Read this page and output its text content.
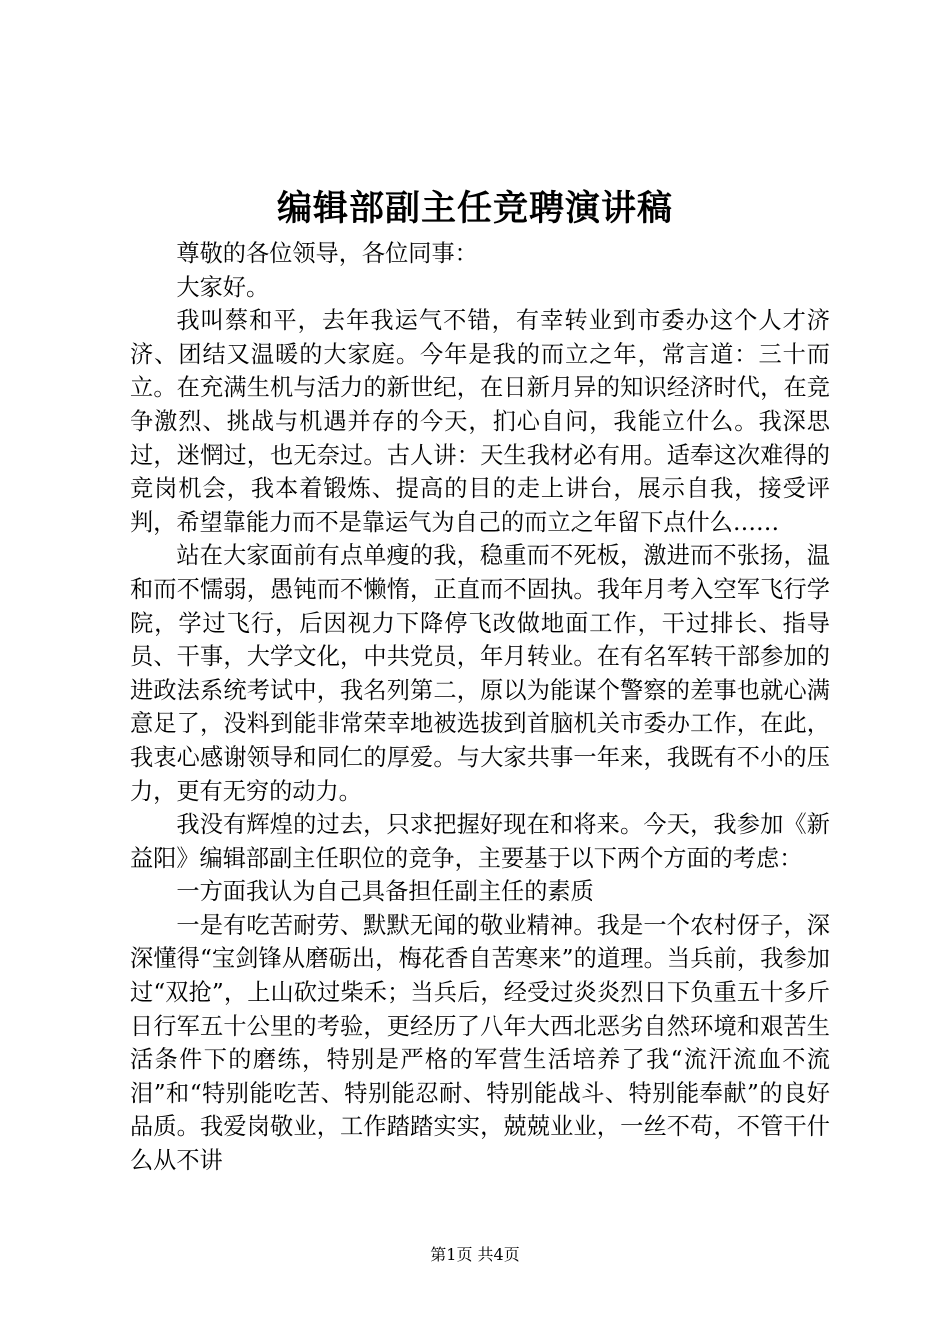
编辑部副主任竞聘演讲稿

尊敬的各位领导，各位同事：

大家好。

我叫蔡和平，去年我运气不错，有幸转业到市委办这个人才济济、团结又温暖的大家庭。今年是我的而立之年，常言道：三十而立。在充满生机与活力的新世纪，在日新月异的知识经济时代，在竞争激烈、挑战与机遇并存的今天，扪心自问，我能立什么。我深思过，迷惘过，也无奈过。古人讲：天生我材必有用。适奉这次难得的竞岗机会，我本着锻炼、提高的目的走上讲台，展示自我，接受评判，希望靠能力而不是靠运气为自己的而立之年留下点什么……

站在大家面前有点单瘦的我，稳重而不死板，激进而不张扬，温和而不懦弱，愚钝而不懒惰，正直而不固执。我年月考入空军飞行学院，学过飞行，后因视力下降停飞改做地面工作，干过排长、指导员、干事，大学文化，中共党员，年月转业。在有名军转干部参加的进政法系统考试中，我名列第二，原以为能谋个警察的差事也就心满意足了，没料到能非常荣幸地被选拔到首脑机关市委办工作，在此，我衷心感谢领导和同仁的厚爱。与大家共事一年来，我既有不小的压力，更有无穷的动力。

我没有辉煌的过去，只求把握好现在和将来。今天，我参加《新益阳》编辑部副主任职位的竞争，主要基于以下两个方面的考虑：

一方面我认为自己具备担任副主任的素质

一是有吃苦耐劳、默默无闻的敬业精神。我是一个农村伢子，深深懂得“宝剑锋从磨砺出，梅花香自苦寒来”的道理。当兵前，我参加过“双抢”，上山砍过柴禾；当兵后，经受过炎炎烈日下负重五十多斤日行军五十公里的考验，更经历了八年大西北恶劣自然环境和艰苦生活条件下的磨练，特别是严格的军营生活培养了我“流汗流血不流泪”和“特别能吃苦、特别能忍耐、特别能战斗、特别能奉献”的良好品质。我爱岗敬业，工作踏踏实实，兢兢业业，一丝不苟，不管干什么从不讲

第1页 共4页
